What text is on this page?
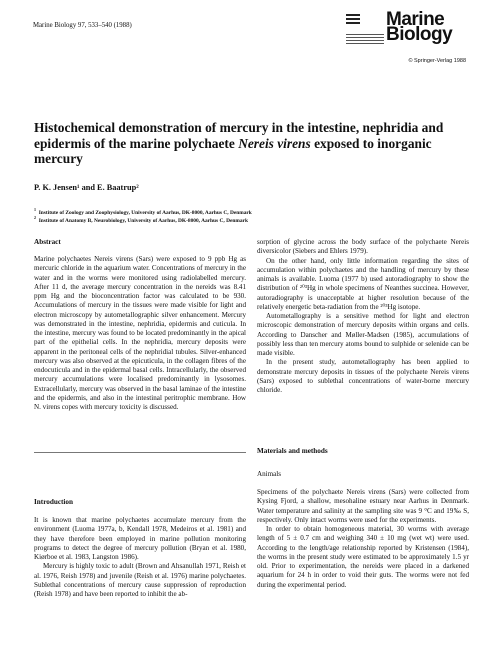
Marine Biology 97, 533–540 (1988)	Marine
Biology
© Springer-Verlag 1988
Histochemical demonstration of mercury in the intestine, nephridia and epidermis of the marine polychaete Nereis virens exposed to inorganic mercury
P. K. Jensen¹ and E. Baatrup²
$^1$  Institute of Zoology and Zoophysiology, University of Aarhus, DK-8000, Aarhus C, Denmark
$^2$  Institute of Anatomy B, Neurobiology, University of Aarhus, DK-8000, Aarhus C, Denmark
Abstract

Marine polychaetes Nereis virens (Sars) were exposed to 9 ppb Hg as mercuric chloride in the aquarium water. Concentrations of mercury in the water and in the worms were monitored using radiolabelled mercury. After 11 d, the average mercury concentration in the nereids was 8.41 ppm Hg and the bioconcentration factor was calculated to be 930. Accumulations of mercury in the tissues were made visible for light and electron microscopy by autometallographic silver enhancement. Mercury was demonstrated in the intestine, nephridia, epidermis and cuticula. In the intestine, mercury was found to be located predominantly in the apical part of the epithelial cells. In the nephridia, mercury deposits were apparent in the peritoneal cells of the nephridial tubules. Silver-enhanced mercury was also observed at the epicuticula, in the collagen fibres of the endocuticula and in the epidermal basal cells. Intracellularly, the observed mercury accumulations were localised predominantly in lysosomes. Extracellularly, mercury was observed in the basal laminae of the intestine and the epidermis, and also in the intestinal peritrophic membrane. How N. virens copes with mercury toxicity is discussed.

Introduction

It is known that marine polychaetes accumulate mercury from the environment (Luoma 1977a, b, Kendall 1978, Medeiros et al. 1981) and they have therefore been employed in marine pollution monitoring programs to detect the degree of mercury pollution (Bryan et al. 1980, Kiørboe et al. 1983, Langston 1986).

Mercury is highly toxic to adult (Brown and Ahsanullah 1971, Reish et al. 1976, Reish 1978) and juvenile (Reish et al. 1976) marine polychaetes. Sublethal concentrations of mercury cause suppression of reproduction (Reish 1978) and have been reported to inhibit the ab-

sorption of glycine across the body surface of the polychaete Nereis diversicolor (Siebers and Ehlers 1979).

On the other hand, only little information regarding the sites of accumulation within polychaetes and the handling of mercury by these animals is available. Luoma (1977 b) used autoradiography to show the distribution of ²⁰³Hg in whole specimens of Neanthes succinea. However, autoradiography is unacceptable at higher resolution because of the relatively energetic beta-radiation from the ²⁰³Hg isotope.

Autometallography is a sensitive method for light and electron microscopic demonstration of mercury deposits within organs and cells. According to Danscher and Møller-Madsen (1985), accumulations of possibly less than ten mercury atoms bound to sulphide or selenide can be made visible.

In the present study, autometallography has been applied to demonstrate mercury deposits in tissues of the polychaete Nereis virens (Sars) exposed to sublethal concentrations of water-borne mercury chloride.

Materials and methods
Animals

Specimens of the polychaete Nereis virens (Sars) were collected from Kysing Fjord, a shallow, mesohaline estuary near Aarhus in Denmark. Water temperature and salinity at the sampling site was 9 °C and 19‰ S, respectively. Only intact worms were used for the experiments.

In order to obtain homogeneous material, 30 worms with average length of 5 ± 0.7 cm and weighing 340 ± 10 mg (wet wt) were used. According to the length/age relationship reported by Kristensen (1984), the worms in the present study were estimated to be approximately 1.5 yr old. Prior to experimentation, the nereids were placed in a darkened aquarium for 24 h in order to void their guts. The worms were not fed during the experimental period.
